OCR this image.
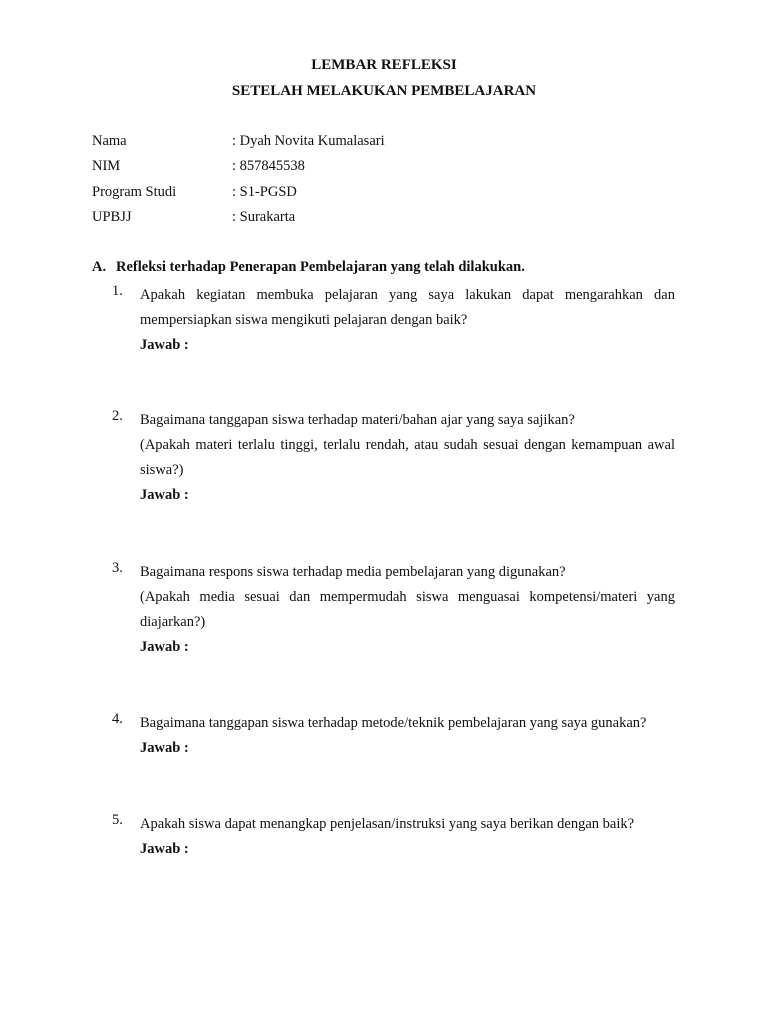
LEMBAR REFLEKSI
SETELAH MELAKUKAN PEMBELAJARAN
Nama	: Dyah Novita Kumalasari
NIM	: 857845538
Program Studi	: S1-PGSD
UPBJJ	: Surakarta
A. Refleksi terhadap Penerapan Pembelajaran yang telah dilakukan.
1. Apakah kegiatan membuka pelajaran yang saya lakukan dapat mengarahkan dan mempersiapkan siswa mengikuti pelajaran dengan baik?

Jawab :

2. Bagaimana tanggapan siswa terhadap materi/bahan ajar yang saya sajikan?

(Apakah materi terlalu tinggi, terlalu rendah, atau sudah sesuai dengan kemampuan awal siswa?)

Jawab :

3. Bagaimana respons siswa terhadap media pembelajaran yang digunakan?

(Apakah media sesuai dan mempermudah siswa menguasai kompetensi/materi yang diajarkan?)

Jawab :

4. Bagaimana tanggapan siswa terhadap metode/teknik pembelajaran yang saya gunakan?

Jawab :

5. Apakah siswa dapat menangkap penjelasan/instruksi yang saya berikan dengan baik?

Jawab :
